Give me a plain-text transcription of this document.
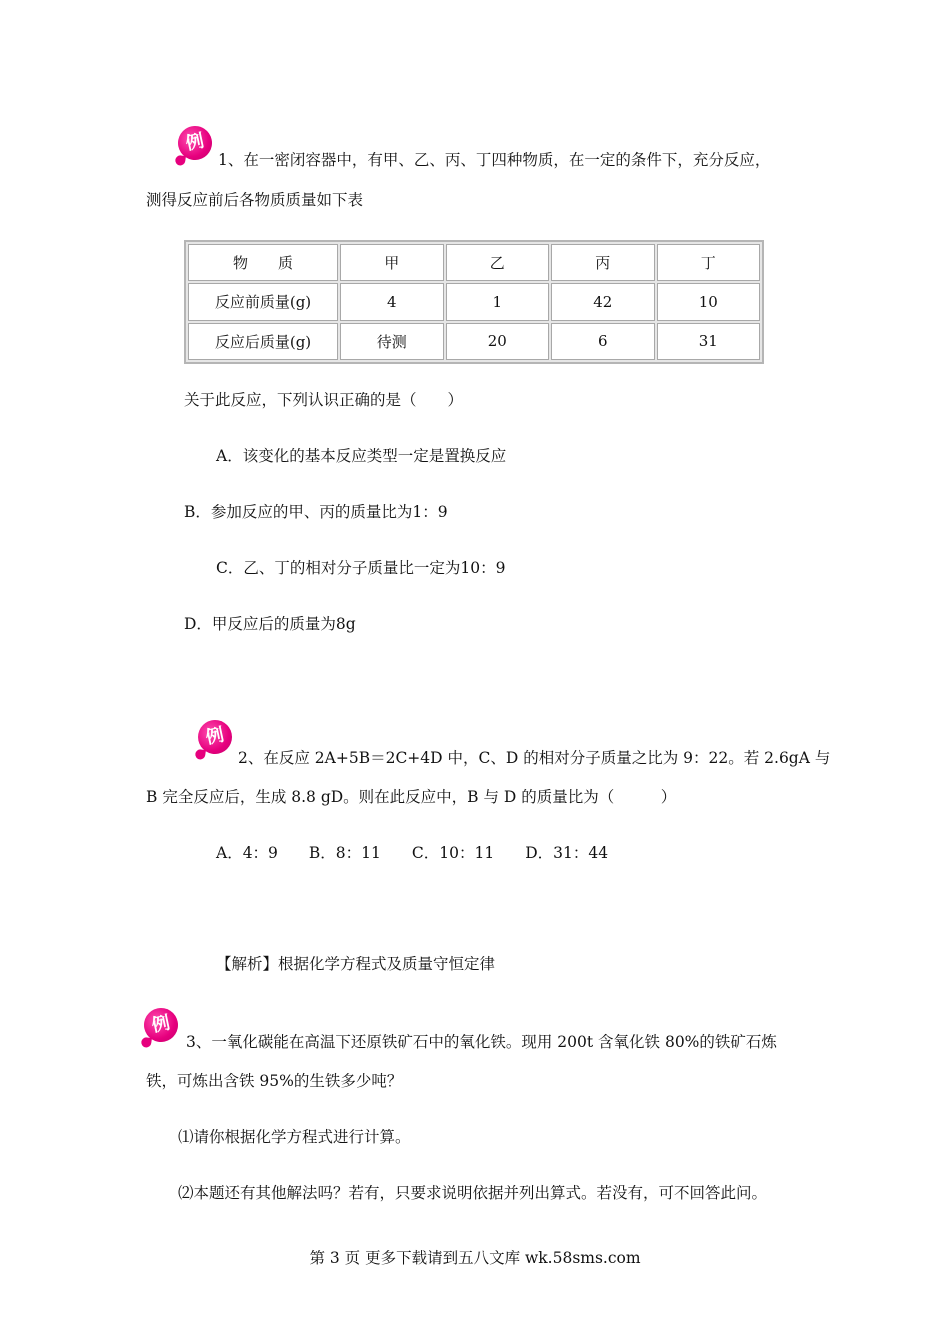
例
1、在一密闭容器中，有甲、乙、丙、丁四种物质，在一定的条件下，充分反应，
测得反应前后各物质质量如下表
物　　质	甲	乙	丙	丁
反应前质量(g)	4	1	42	10
反应后质量(g)	待测	20	6	31
关于此反应，下列认识正确的是（　　）
A．该变化的基本反应类型一定是置换反应
B．参加反应的甲、丙的质量比为1：9
C．乙、丁的相对分子质量比一定为10：9
D．甲反应后的质量为8g
例
2、在反应 2A+5B＝2C+4D 中，C、D 的相对分子质量之比为 9：22。若 2.6gA 与
B 完全反应后，生成 8.8 gD。则在此反应中，B 与 D 的质量比为（　　　）
A．4：9　　B．8：11　　C．10：11　　D．31：44
【解析】根据化学方程式及质量守恒定律
例
3、一氧化碳能在高温下还原铁矿石中的氧化铁。现用 200t 含氧化铁 80%的铁矿石炼
铁，可炼出含铁 95%的生铁多少吨？
⑴请你根据化学方程式进行计算。
⑵本题还有其他解法吗？若有，只要求说明依据并列出算式。若没有，可不回答此问。
第 3 页 更多下载请到五八文库 wk.58sms.com
